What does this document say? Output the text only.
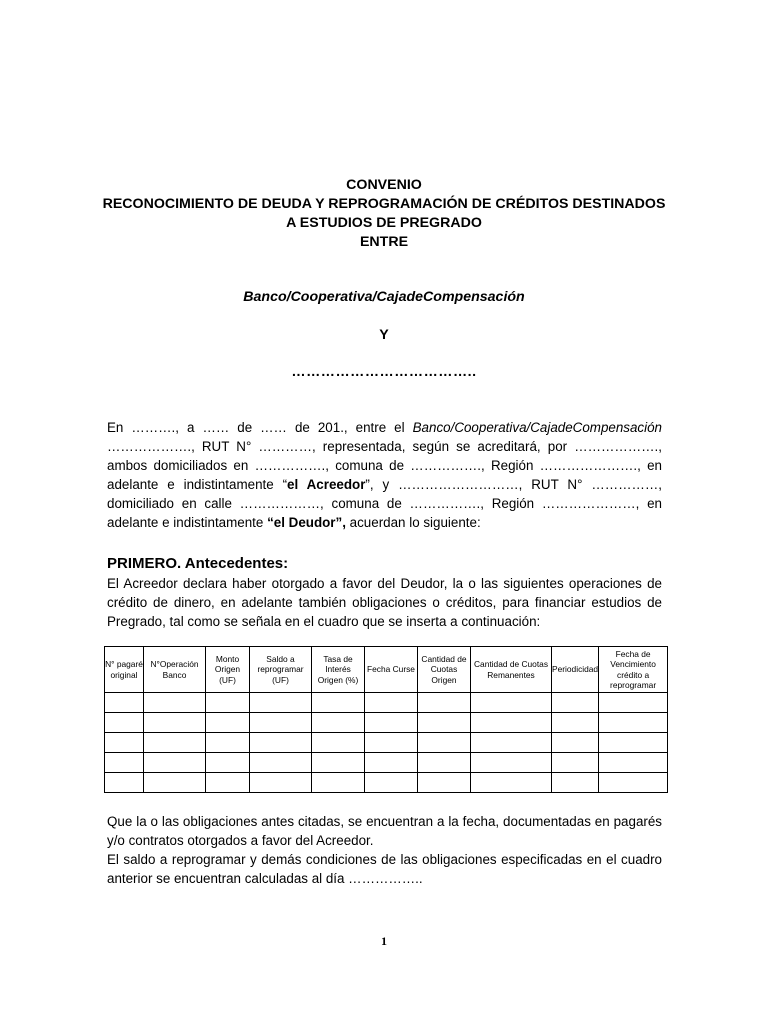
CONVENIO
RECONOCIMIENTO DE DEUDA Y REPROGRAMACIÓN DE CRÉDITOS DESTINADOS
A ESTUDIOS DE PREGRADO
ENTRE
Banco/Cooperativa/CajadeCompensación
Y
………………………………..

En ………., a …… de …… de 201., entre el Banco/Cooperativa/CajadeCompensación ………………., RUT N° …………, representada, según se acreditará, por ………………., ambos domiciliados en ……………., comuna de ……………., Región …………………., en adelante e indistintamente “el Acreedor”, y ………………………, RUT N° ……………, domiciliado en calle ………………, comuna de ……………., Región …………………, en adelante e indistintamente “el Deudor”, acuerdan lo siguiente:

PRIMERO. Antecedentes:

El Acreedor declara haber otorgado a favor del Deudor, la o las siguientes operaciones de crédito de dinero, en adelante también obligaciones o créditos, para financiar estudios de Pregrado, tal como se señala en el cuadro que se inserta a continuación:

N° pagaré original	N°Operación Banco	Monto Origen (UF)	Saldo a reprogramar (UF)	Tasa de Interés Origen (%)	Fecha Curse	Cantidad de Cuotas Origen	Cantidad de Cuotas Remanentes	Periodicidad	Fecha de Vencimiento crédito a reprogramar

Que la o las obligaciones antes citadas, se encuentran a la fecha, documentadas en pagarés y/o contratos otorgados a favor del Acreedor.

El saldo a reprogramar y demás condiciones de las obligaciones especificadas en el cuadro anterior se encuentran calculadas al día ……………..

1
